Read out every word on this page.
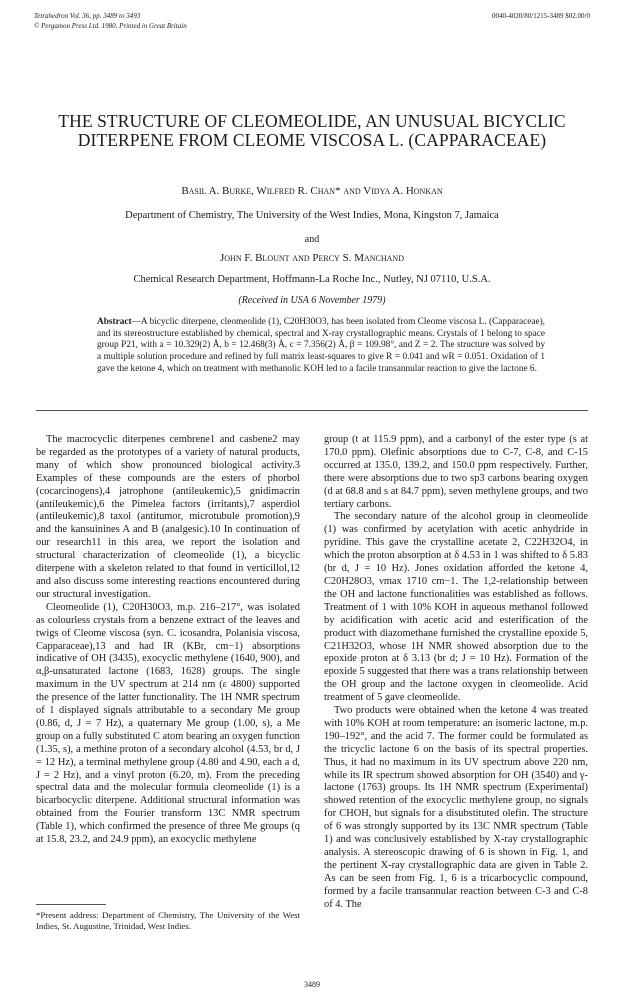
Tetrahedron Vol. 36, pp. 3489 to 3493
© Pergamon Press Ltd. 1980. Printed in Great Britain
0040-4020/80/1215-3489 $02.00/0
THE STRUCTURE OF CLEOMEOLIDE, AN UNUSUAL BICYCLIC
DITERPENE FROM CLEOME VISCOSA L. (CAPPARACEAE)
Basil A. Burke, Wilfred R. Chan* and Vidya A. Honkan
Department of Chemistry, The University of the West Indies, Mona, Kingston 7, Jamaica
and
John F. Blount and Percy S. Manchand
Chemical Research Department, Hoffmann-La Roche Inc., Nutley, NJ 07110, U.S.A.
(Received in USA 6 November 1979)
Abstract—A bicyclic diterpene, cleomeolide (1), C20H30O3, has been isolated from Cleome viscosa L. (Capparaceae), and its stereostructure established by chemical, spectral and X-ray crystallographic means. Crystals of 1 belong to space group P21, with a = 10.329(2) Å, b = 12.468(3) Å, c = 7.356(2) Å, β = 109.98°, and Z = 2. The structure was solved by a multiple solution procedure and refined by full matrix least-squares to give R = 0.041 and wR = 0.051. Oxidation of 1 gave the ketone 4, which on treatment with methanolic KOH led to a facile transannular reaction to give the lactone 6.

The macrocyclic diterpenes cembrene1 and casbene2 may be regarded as the prototypes of a variety of natural products, many of which show pronounced biological activity.3 Examples of these compounds are the esters of phorbol (cocarcinogens),4 jatrophone (antileukemic),5 gnidimacrin (antileukemic),6 the Pimelea factors (irritants),7 asperdiol (antileukemic),8 taxol (antitumor, microtubule promotion),9 and the kansuinines A and B (analgesic).10 In continuation of our research11 in this area, we report the isolation and structural characterization of cleomeolide (1), a bicyclic diterpene with a skeleton related to that found in verticillol,12 and also discuss some interesting reactions encountered during our structural investigation.

Cleomeolide (1), C20H30O3, m.p. 216–217°, was isolated as colourless crystals from a benzene extract of the leaves and twigs of Cleome viscosa (syn. C. icosandra, Polanisia viscosa, Capparaceae),13 and had IR (KBr, cm−1) absorptions indicative of OH (3435), exocyclic methylene (1640, 900), and α,β-unsaturated lactone (1683, 1628) groups. The single maximum in the UV spectrum at 214 nm (ε 4800) supported the presence of the latter functionality. The 1H NMR spectrum of 1 displayed signals attributable to a secondary Me group (0.86, d, J = 7 Hz), a quaternary Me group (1.00, s), a Me group on a fully substituted C atom bearing an oxygen function (1.35, s), a methine proton of a secondary alcohol (4.53, br d, J = 12 Hz), a terminal methylene group (4.80 and 4.90, each a d, J = 2 Hz), and a vinyl proton (6.20, m). From the preceding spectral data and the molecular formula cleomeolide (1) is a bicarbocyclic diterpene. Additional structural information was obtained from the Fourier transform 13C NMR spectrum (Table 1), which confirmed the presence of three Me groups (q at 15.8, 23.2, and 24.9 ppm), an exocyclic methylene

group (t at 115.9 ppm), and a carbonyl of the ester type (s at 170.0 ppm). Olefinic absorptions due to C-7, C-8, and C-15 occurred at 135.0, 139.2, and 150.0 ppm respectively. Further, there were absorptions due to two sp3 carbons bearing oxygen (d at 68.8 and s at 84.7 ppm), seven methylene groups, and two tertiary carbons.

The secondary nature of the alcohol group in cleomeolide (1) was confirmed by acetylation with acetic anhydride in pyridine. This gave the crystalline acetate 2, C22H32O4, in which the proton absorption at δ 4.53 in 1 was shifted to δ 5.83 (br d, J = 10 Hz). Jones oxidation afforded the ketone 4, C20H28O3, νmax 1710 cm−1. The 1,2-relationship between the OH and lactone functionalities was established as follows. Treatment of 1 with 10% KOH in aqueous methanol followed by acidification with acetic acid and esterification of the product with diazomethane furnished the crystalline epoxide 5, C21H32O3, whose 1H NMR showed absorption due to the epoxide proton at δ 3.13 (br d; J = 10 Hz). Formation of the epoxide 5 suggested that there was a trans relationship between the OH group and the lactone oxygen in cleomeolide. Acid treatment of 5 gave cleomeolide.

Two products were obtained when the ketone 4 was treated with 10% KOH at room temperature: an isomeric lactone, m.p. 190–192°, and the acid 7. The former could be formulated as the tricyclic lactone 6 on the basis of its spectral properties. Thus, it had no maximum in its UV spectrum above 220 nm, while its IR spectrum showed absorption for OH (3540) and γ-lactone (1763) groups. Its 1H NMR spectrum (Experimental) showed retention of the exocyclic methylene group, no signals for CHOH, but signals for a disubstituted olefin. The structure of 6 was strongly supported by its 13C NMR spectrum (Table 1) and was conclusively established by X-ray crystallographic analysis. A stereoscopic drawing of 6 is shown in Fig. 1, and the pertinent X-ray crystallographic data are given in Table 2. As can be seen from Fig. 1, 6 is a tricarbocyclic compound, formed by a facile transannular reaction between C-3 and C-8 of 4. The

*Present address: Department of Chemistry, The University of the West Indies, St. Augustine, Trinidad, West Indies.
3489
